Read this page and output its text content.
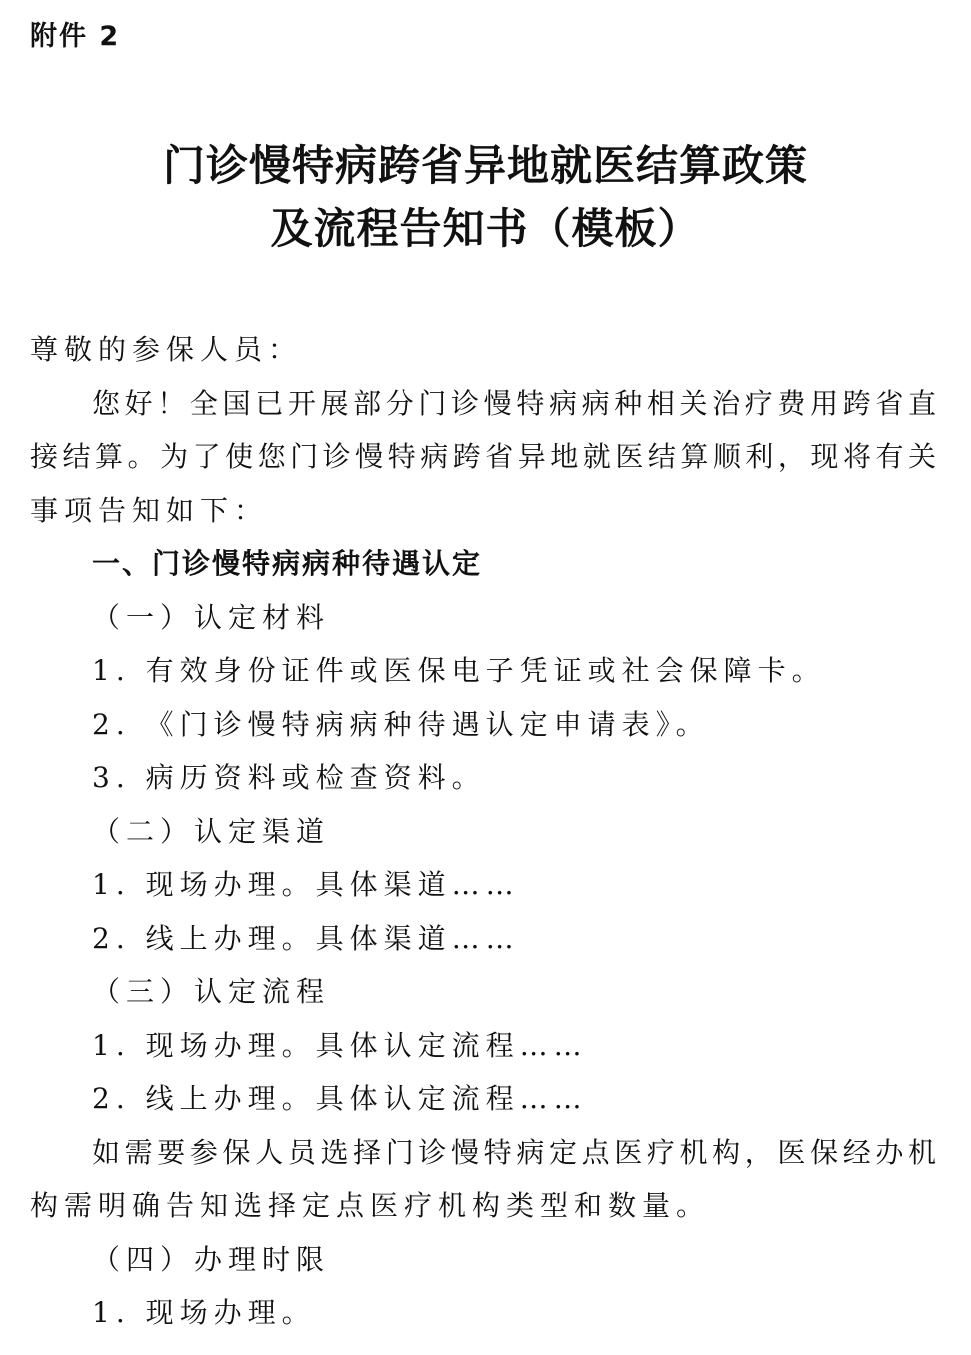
附件 2
门诊慢特病跨省异地就医结算政策
及流程告知书（模板）
尊敬的参保人员：
您好！全国已开展部分门诊慢特病病种相关治疗费用跨省直
接结算。为了使您门诊慢特病跨省异地就医结算顺利，现将有关
事项告知如下：
一、门诊慢特病病种待遇认定
（一）认定材料
1. 有效身份证件或医保电子凭证或社会保障卡。
2. 《门诊慢特病病种待遇认定申请表》。
3. 病历资料或检查资料。
（二）认定渠道
1. 现场办理。具体渠道……
2. 线上办理。具体渠道……
（三）认定流程
1. 现场办理。具体认定流程……
2. 线上办理。具体认定流程……
如需要参保人员选择门诊慢特病定点医疗机构，医保经办机
构需明确告知选择定点医疗机构类型和数量。
（四）办理时限
1. 现场办理。
